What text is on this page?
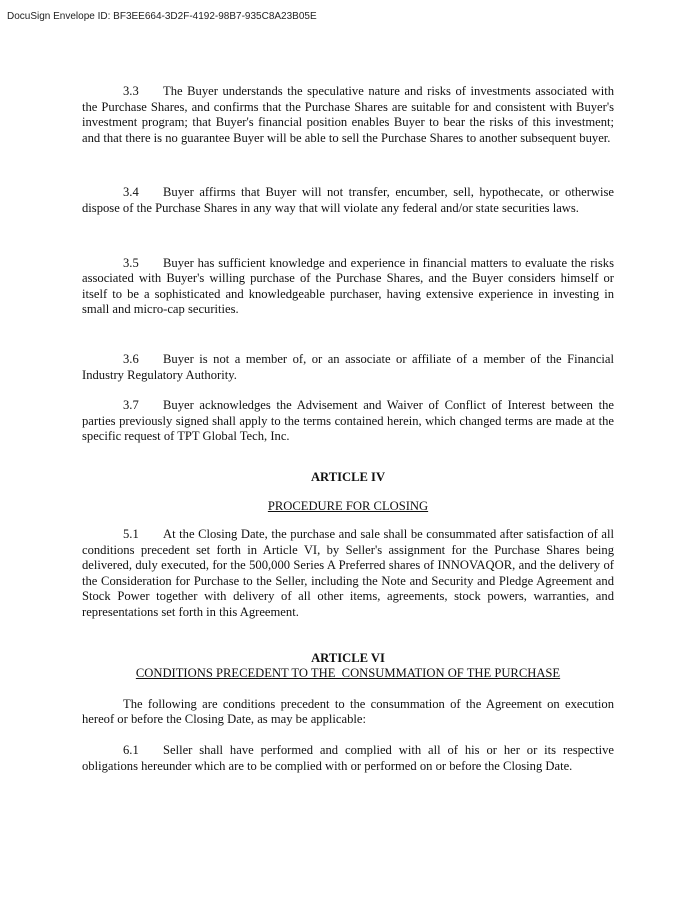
DocuSign Envelope ID: BF3EE664-3D2F-4192-98B7-935C8A23B05E

3.3 The Buyer understands the speculative nature and risks of investments associated with the Purchase Shares, and confirms that the Purchase Shares are suitable for and consistent with Buyer's investment program; that Buyer's financial position enables Buyer to bear the risks of this investment; and that there is no guarantee Buyer will be able to sell the Purchase Shares to another subsequent buyer.

3.4 Buyer affirms that Buyer will not transfer, encumber, sell, hypothecate, or otherwise dispose of the Purchase Shares in any way that will violate any federal and/or state securities laws.

3.5 Buyer has sufficient knowledge and experience in financial matters to evaluate the risks associated with Buyer's willing purchase of the Purchase Shares, and the Buyer considers himself or itself to be a sophisticated and knowledgeable purchaser, having extensive experience in investing in small and micro-cap securities.

3.6 Buyer is not a member of, or an associate or affiliate of a member of the Financial Industry Regulatory Authority.

3.7 Buyer acknowledges the Advisement and Waiver of Conflict of Interest between the parties previously signed shall apply to the terms contained herein, which changed terms are made at the specific request of TPT Global Tech, Inc.

ARTICLE IV

PROCEDURE FOR CLOSING

5.1 At the Closing Date, the purchase and sale shall be consummated after satisfaction of all conditions precedent set forth in Article VI, by Seller's assignment for the Purchase Shares being delivered, duly executed, for the 500,000 Series A Preferred shares of INNOVAQOR, and the delivery of the Consideration for Purchase to the Seller, including the Note and Security and Pledge Agreement and Stock Power together with delivery of all other items, agreements, stock powers, warranties, and representations set forth in this Agreement.

ARTICLE VI

CONDITIONS PRECEDENT TO THE  CONSUMMATION OF THE PURCHASE

The following are conditions precedent to the consummation of the Agreement on execution hereof or before the Closing Date, as may be applicable:

6.1 Seller shall have performed and complied with all of his or her or its respective obligations hereunder which are to be complied with or performed on or before the Closing Date.
